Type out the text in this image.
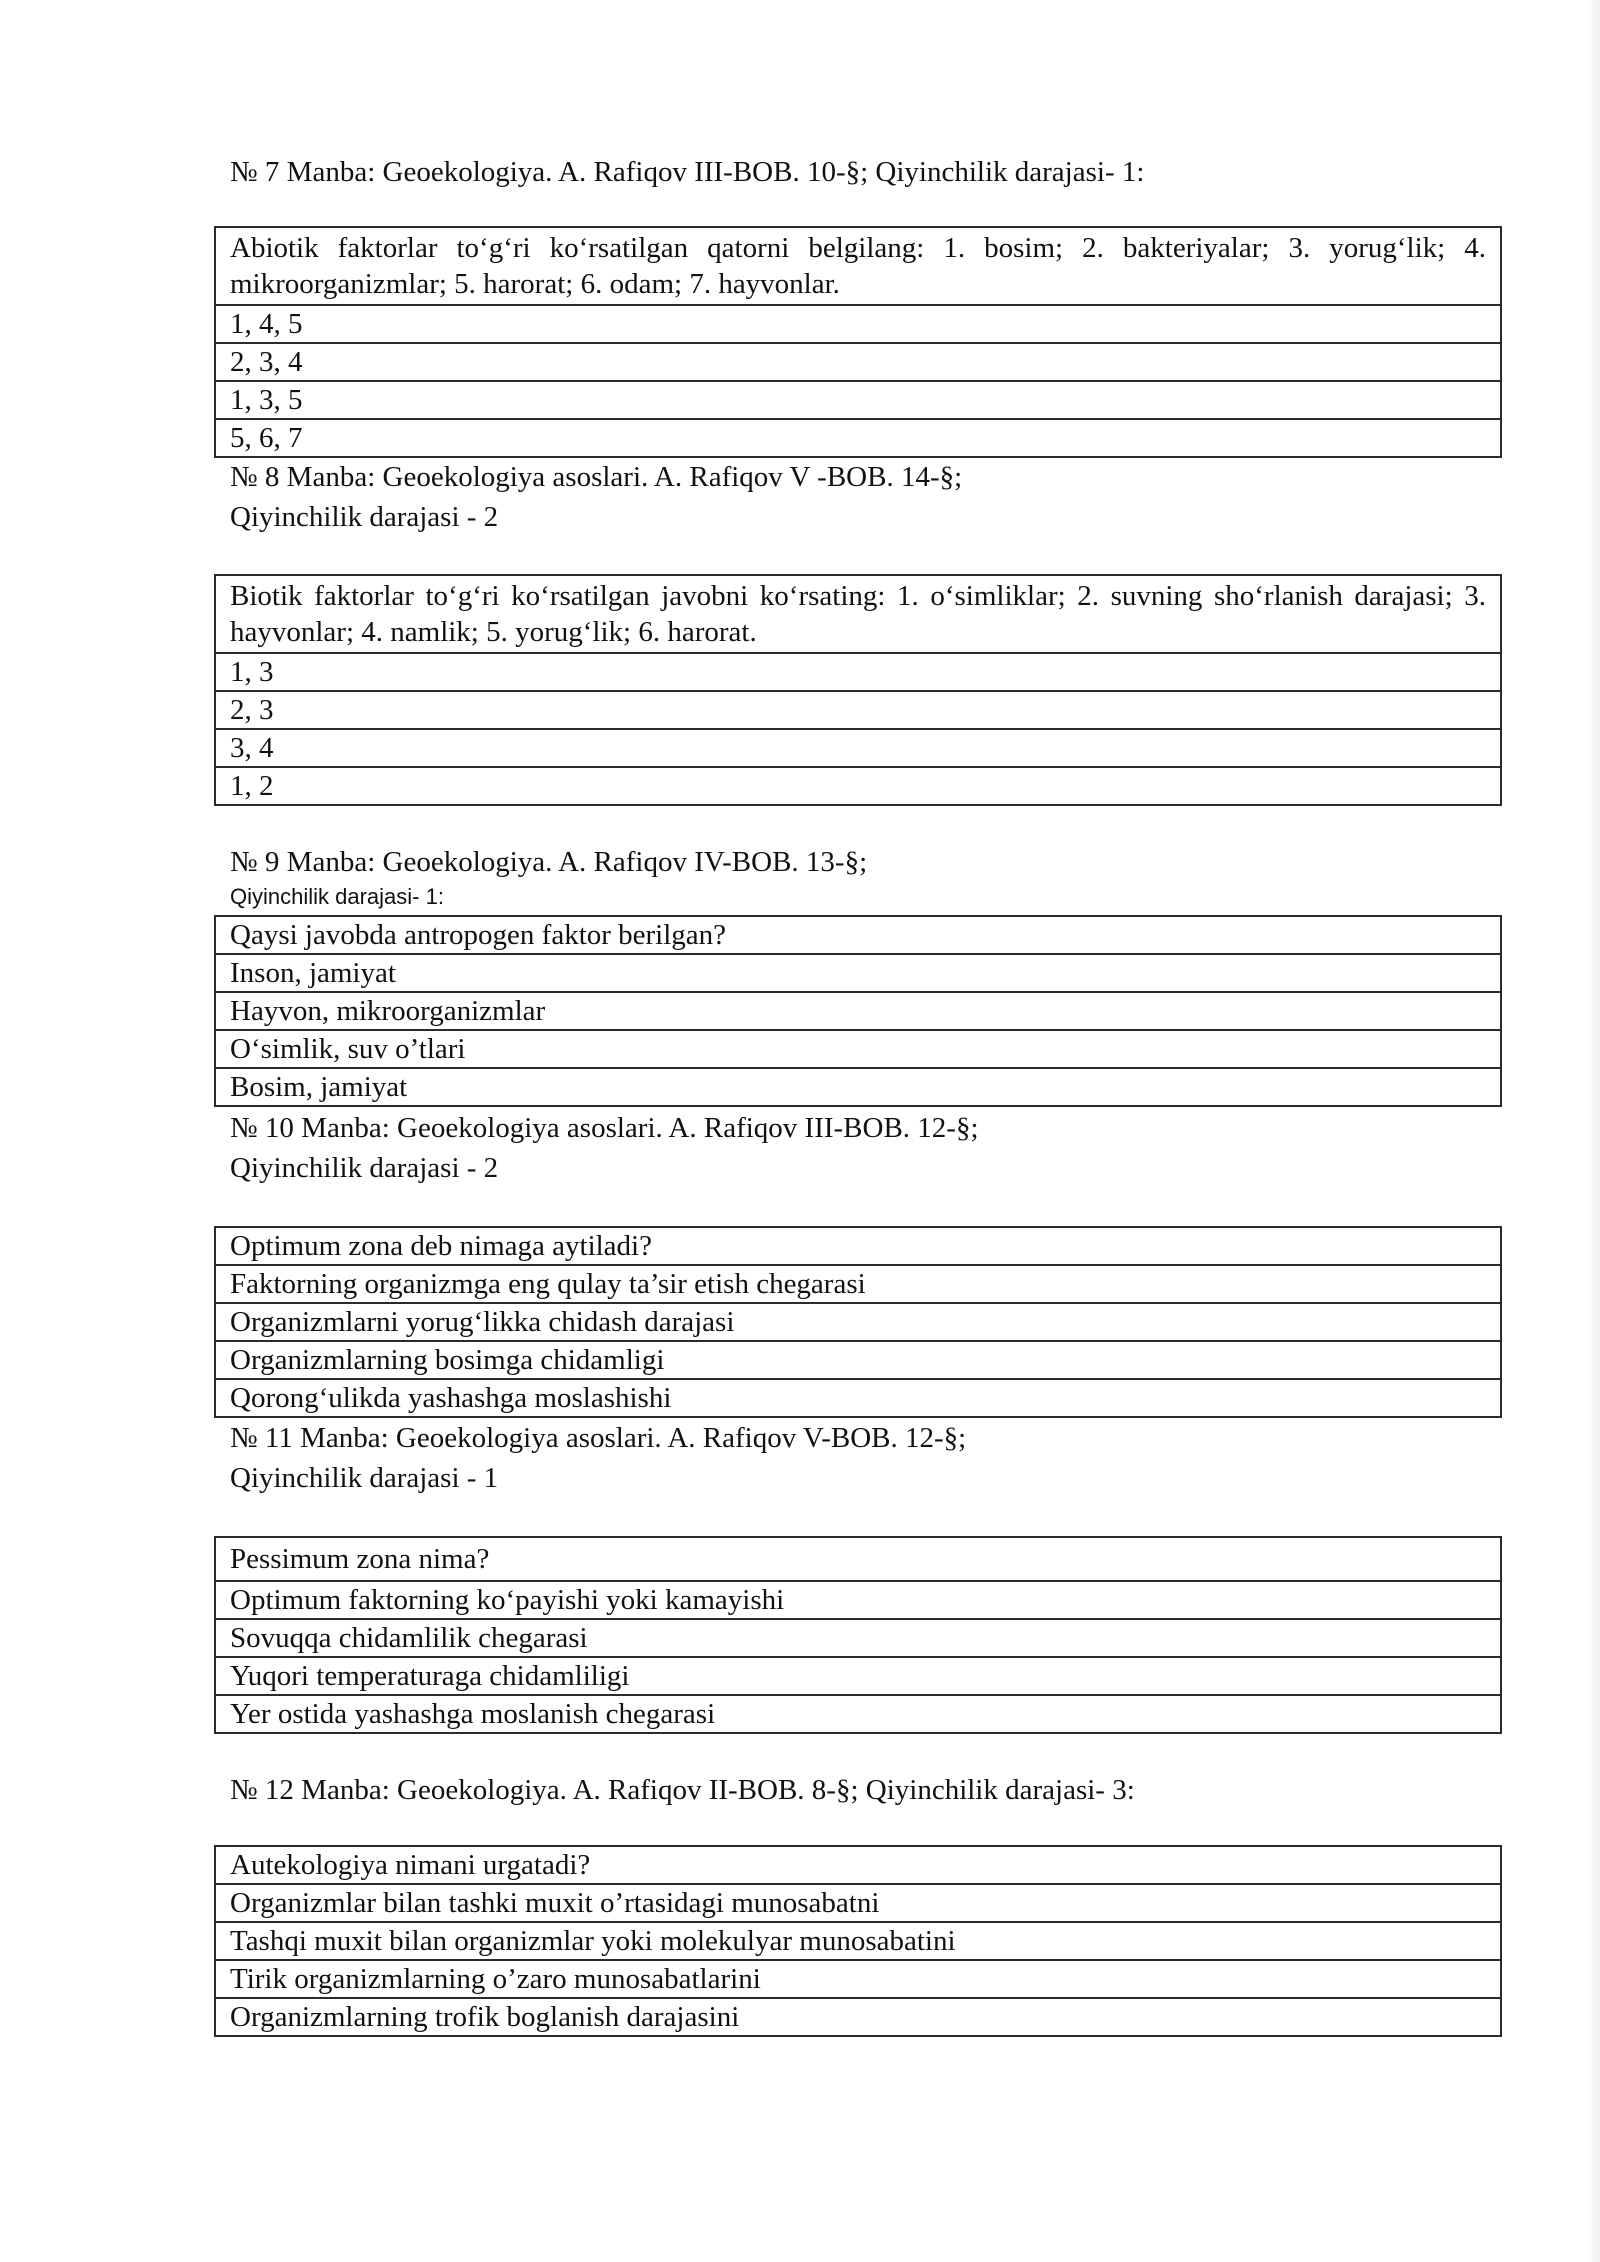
№ 7 Manba: Geoekologiya. A. Rafiqov III-BOB. 10-§; Qiyinchilik darajasi- 1:
Abiotik faktorlar to‘g‘ri ko‘rsatilgan qatorni belgilang: 1. bosim; 2. bakteriyalar; 3. yorug‘lik; 4. mikroorganizmlar; 5. harorat; 6. odam; 7. hayvonlar.
1, 4, 5
2, 3, 4
1, 3, 5
5, 6, 7
№ 8 Manba: Geoekologiya asoslari. A. Rafiqov V -BOB. 14-§;
Qiyinchilik darajasi - 2
Biotik faktorlar to‘g‘ri ko‘rsatilgan javobni ko‘rsating: 1. o‘simliklar; 2. suvning sho‘rlanish darajasi; 3. hayvonlar; 4. namlik; 5. yorug‘lik; 6. harorat.
1, 3
2, 3
3, 4
1, 2
№ 9 Manba: Geoekologiya. A. Rafiqov IV-BOB. 13-§;
Qiyinchilik darajasi- 1:
Qaysi javobda antropogen faktor berilgan?
Inson, jamiyat
Hayvon, mikroorganizmlar
O‘simlik, suv o’tlari
Bosim, jamiyat
№ 10 Manba: Geoekologiya asoslari. A. Rafiqov III-BOB. 12-§;
Qiyinchilik darajasi - 2
Optimum zona deb nimaga aytiladi?
Faktorning organizmga eng qulay ta’sir etish chegarasi
Organizmlarni yorug‘likka chidash darajasi
Organizmlarning bosimga chidamligi
Qorong‘ulikda yashashga moslashishi
№ 11 Manba: Geoekologiya asoslari. A. Rafiqov V-BOB. 12-§;
Qiyinchilik darajasi - 1
Pessimum zona nima?
Optimum faktorning ko‘payishi yoki kamayishi
Sovuqqa chidamlilik chegarasi
Yuqori temperaturaga chidamliligi
Yer ostida yashashga moslanish chegarasi
№ 12 Manba: Geoekologiya. A. Rafiqov II-BOB. 8-§; Qiyinchilik darajasi- 3:
Autekologiya nimani urgatadi?
Organizmlar bilan tashki muxit o’rtasidagi munosabatni
Tashqi muxit bilan organizmlar yoki molekulyar munosabatini
Tirik organizmlarning o’zaro munosabatlarini
Organizmlarning trofik boglanish darajasini
